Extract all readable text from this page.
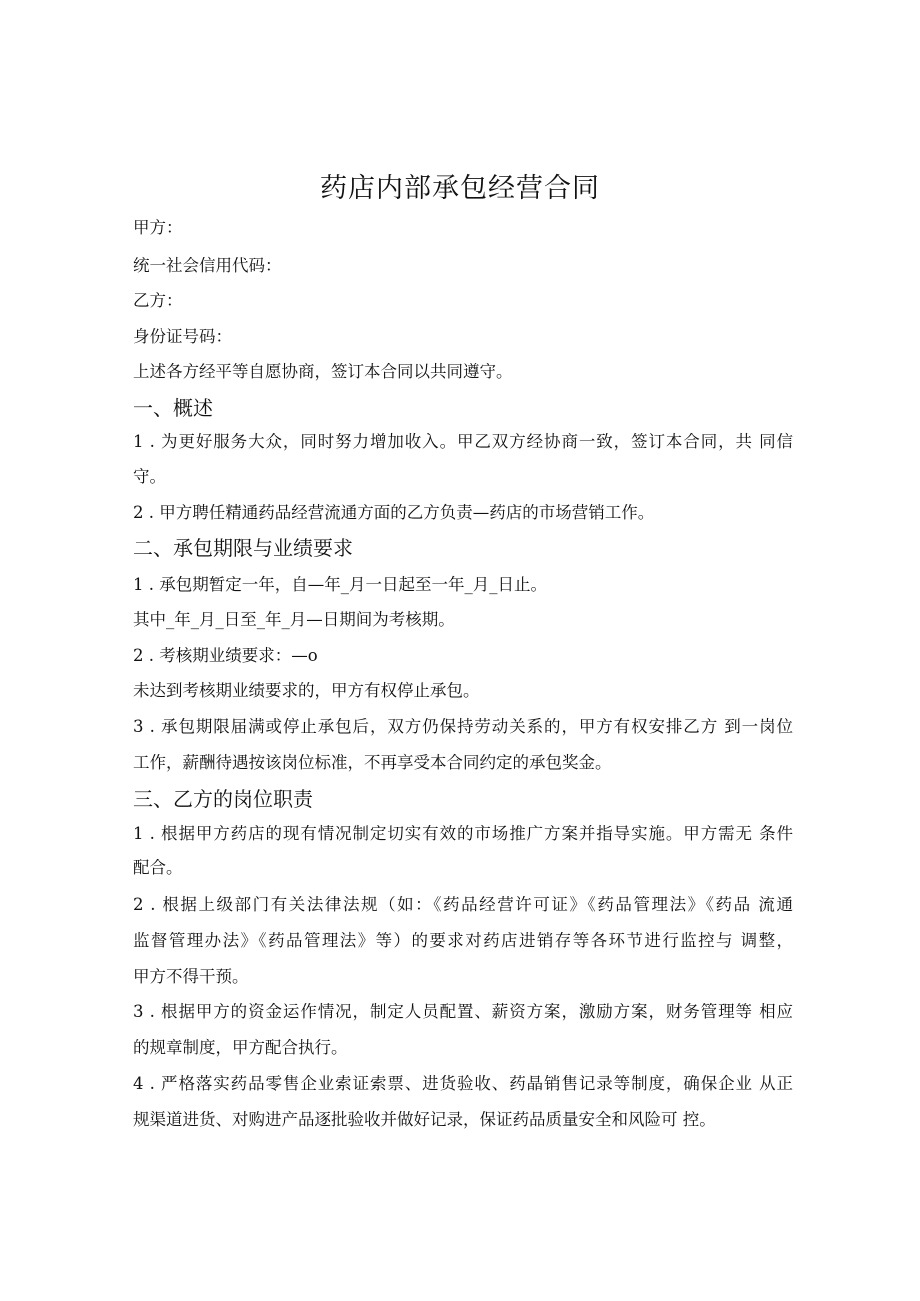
药店内部承包经营合同

甲方：

统一社会信用代码：

乙方：

身份证号码：

上述各方经平等自愿协商，签订本合同以共同遵守。

一、概述

1 . 为更好服务大众，同时努力增加收入。甲乙双方经协商一致，签订本合同，共 同信

守。

2 . 甲方聘任精通药品经营流通方面的乙方负责—药店的市场营销工作。

二、承包期限与业绩要求

1 . 承包期暂定一年，自—年_月一日起至一年_月_日止。

其中_年_月_日至_年_月—日期间为考核期。

2 . 考核期业绩要求：—o

未达到考核期业绩要求的，甲方有权停止承包。

3 . 承包期限届满或停止承包后，双方仍保持劳动关系的，甲方有权安排乙方 到一岗位

工作，薪酬待遇按该岗位标准，不再享受本合同约定的承包奖金。

三、乙方的岗位职责

1 . 根据甲方药店的现有情况制定切实有效的市场推广方案并指导实施。甲方需无 条件

配合。

2 . 根据上级部门有关法律法规（如：《药品经营许可证》《药品管理法》《药品 流通

监督管理办法》《药品管理法》等）的要求对药店进销存等各环节进行监控与 调整，

甲方不得干预。

3 . 根据甲方的资金运作情况，制定人员配置、薪资方案，激励方案，财务管理等 相应

的规章制度，甲方配合执行。

4 . 严格落实药品零售企业索证索票、进货验收、药晶销售记录等制度，确保企业 从正

规渠道进货、对购进产品逐批验收并做好记录，保证药品质量安全和风险可 控。
